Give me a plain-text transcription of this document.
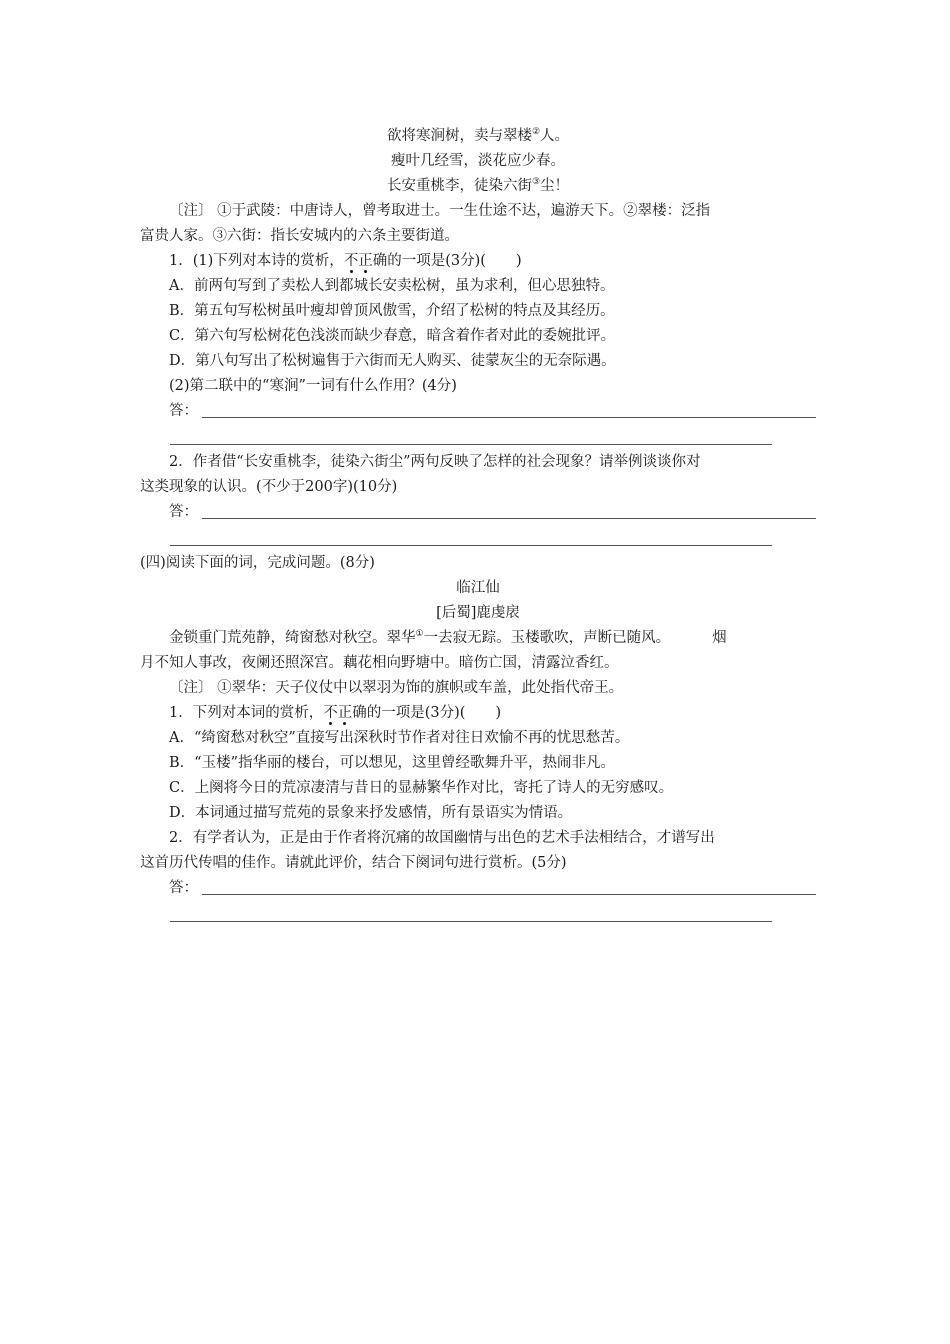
欲将寒涧树，卖与翠楼②人。

瘦叶几经雪，淡花应少春。

长安重桃李，徒染六街③尘！

〔注〕 ①于武陵：中唐诗人，曾考取进士。一生仕途不达，遍游天下。②翠楼：泛指

富贵人家。③六街：指长安城内的六条主要街道。

1．(1)下列对本诗的赏析，不正确的一项是(3分)( )

A．前两句写到了卖松人到都城长安卖松树，虽为求利，但心思独特。

B．第五句写松树虽叶瘦却曾顶风傲雪，介绍了松树的特点及其经历。

C．第六句写松树花色浅淡而缺少春意，暗含着作者对此的委婉批评。

D．第八句写出了松树遍售于六街而无人购买、徒蒙灰尘的无奈际遇。

(2)第二联中的“寒涧”一词有什么作用？(4分)

答：

2．作者借“长安重桃李，徒染六街尘”两句反映了怎样的社会现象？请举例谈谈你对

这类现象的认识。(不少于200字)(10分)

答：

(四)阅读下面的词，完成问题。(8分)

临江仙

[后蜀]鹿虔扆

金锁重门荒苑静，绮窗愁对秋空。翠华①一去寂无踪。玉楼歌吹，声断已随风。	烟

月不知人事改，夜阑还照深宫。藕花相向野塘中。暗伤亡国，清露泣香红。

〔注〕 ①翠华：天子仪仗中以翠羽为饰的旗帜或车盖，此处指代帝王。

1．下列对本词的赏析，不正确的一项是(3分)( )

A．“绮窗愁对秋空”直接写出深秋时节作者对往日欢愉不再的忧思愁苦。

B．“玉楼”指华丽的楼台，可以想见，这里曾经歌舞升平，热闹非凡。

C．上阕将今日的荒凉凄清与昔日的显赫繁华作对比，寄托了诗人的无穷感叹。

D．本词通过描写荒苑的景象来抒发感情，所有景语实为情语。

2．有学者认为，正是由于作者将沉痛的故国幽情与出色的艺术手法相结合，才谱写出

这首历代传唱的佳作。请就此评价，结合下阕词句进行赏析。(5分)

答：
